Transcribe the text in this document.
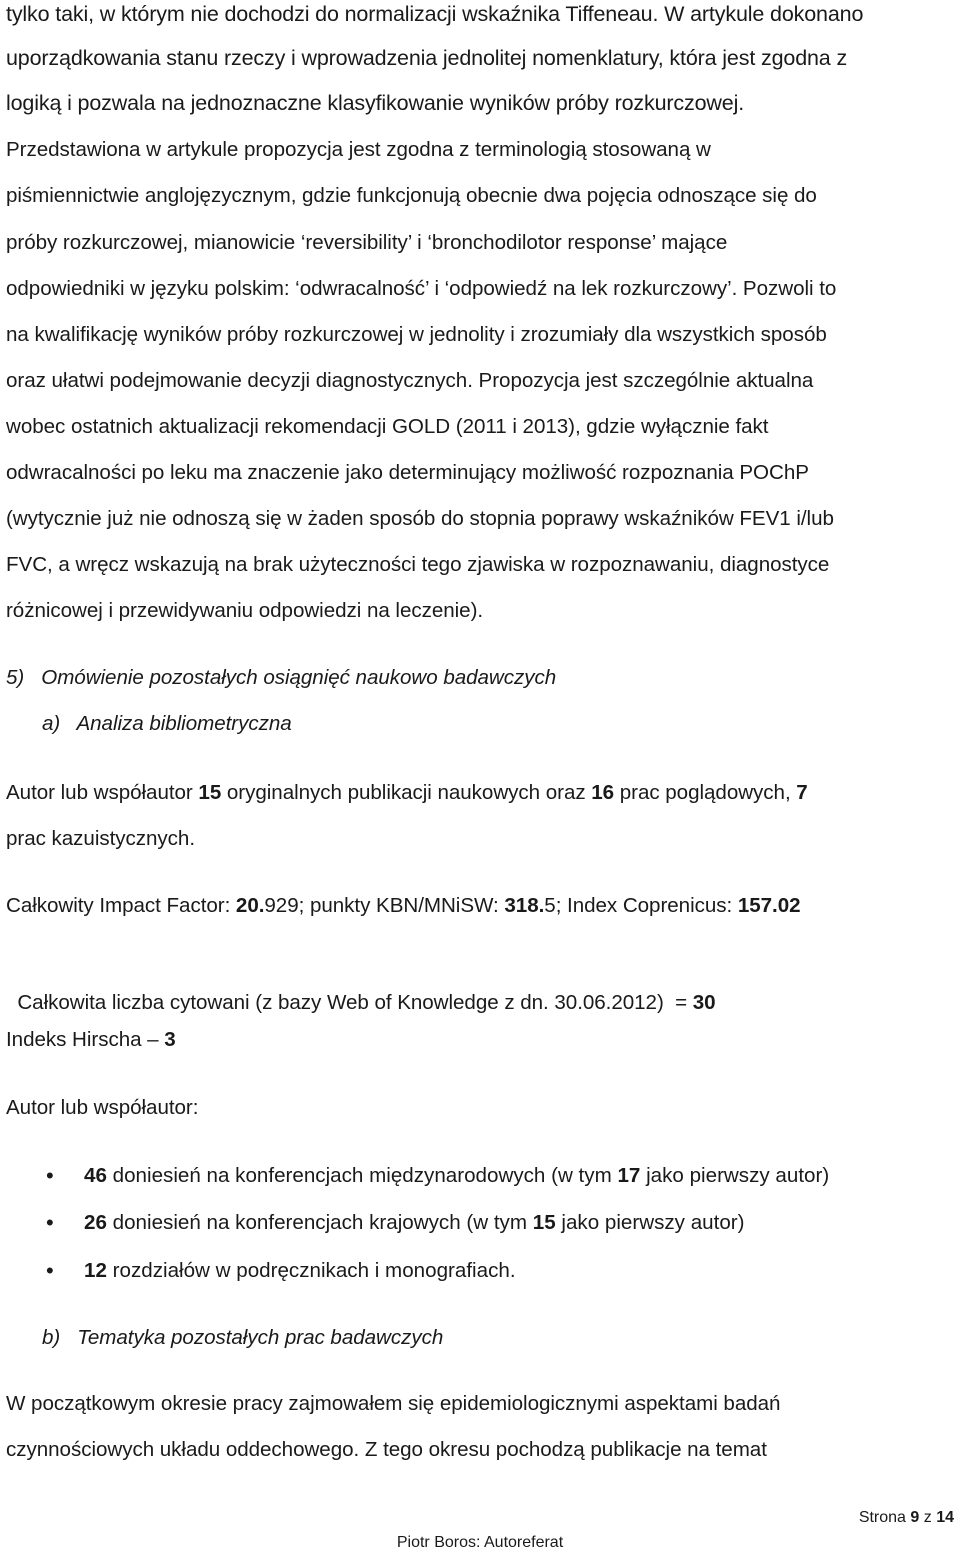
tylko taki, w którym nie dochodzi do normalizacji wskaźnika Tiffeneau. W artykule dokonano
uporządkowania stanu rzeczy i wprowadzenia jednolitej nomenklatury, która jest zgodna z
logiką i pozwala na jednoznaczne klasyfikowanie wyników próby rozkurczowej.
Przedstawiona w artykule propozycja jest zgodna z terminologią stosowaną w
piśmiennictwie anglojęzycznym, gdzie funkcjonują obecnie dwa pojęcia odnoszące się do
próby rozkurczowej, mianowicie ‘reversibility’ i ‘bronchodilotor response’ mające
odpowiedniki w języku polskim: ‘odwracalność’ i ‘odpowiedź na lek rozkurczowy’. Pozwoli to
na kwalifikację wyników próby rozkurczowej w jednolity i zrozumiały dla wszystkich sposób
oraz ułatwi podejmowanie decyzji diagnostycznych. Propozycja jest szczególnie aktualna
wobec ostatnich aktualizacji rekomendacji GOLD (2011 i 2013), gdzie wyłącznie fakt
odwracalności po leku ma znaczenie jako determinujący możliwość rozpoznania POChP
(wytycznie już nie odnoszą się w żaden sposób do stopnia poprawy wskaźników FEV1 i/lub
FVC, a wręcz wskazują na brak użyteczności tego zjawiska w rozpoznawaniu, diagnostyce
różnicowej i przewidywaniu odpowiedzi na leczenie).
5)   Omówienie pozostałych osiągnięć naukowo badawczych
a)   Analiza bibliometryczna
Autor lub współautor 15 oryginalnych publikacji naukowych oraz 16 prac poglądowych, 7
prac kazuistycznych.
Całkowity Impact Factor: 20.929; punkty KBN/MNiSW: 318.5; Index Coprenicus: 157.02

Całkowita liczba cytowani (z bazy Web of Knowledge z dn. 30.06.2012)  = 30

Indeks Hirscha – 3
Autor lub współautor:
• 46 doniesień na konferencjach międzynarodowych (w tym 17 jako pierwszy autor)
• 26 doniesień na konferencjach krajowych (w tym 15 jako pierwszy autor)
• 12 rozdziałów w podręcznikach i monografiach.
b)   Tematyka pozostałych prac badawczych
W początkowym okresie pracy zajmowałem się epidemiologicznymi aspektami badań
czynnościowych układu oddechowego. Z tego okresu pochodzą publikacje na temat
Strona 9 z 14
Piotr Boros: Autoreferat
